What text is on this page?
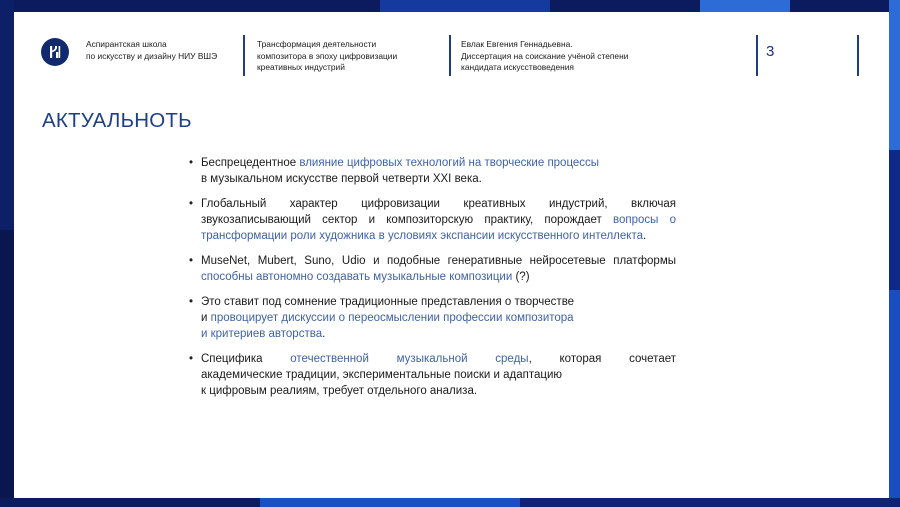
Аспирантская школа
по искусству и дизайну НИУ ВШЭ
Трансформация деятельности
композитора в эпоху цифровизации
креативных индустрий
Евлак Евгения Геннадьевна.
Диссертация на соискание учёной степени
кандидата искусствоведения
3
АКТУАЛЬНОТЬ
• Беспрецедентное влияние цифровых технологий на творческие процессы
в музыкальном искусстве первой четверти XXI века.
• Глобальный характер цифровизации креативных индустрий, включая звукозаписывающий сектор и композиторскую практику, порождает вопросы о трансформации роли художника в условиях экспансии искусственного интеллекта.
• MuseNet, Mubert, Suno, Udio и подобные генеративные нейросетевые платформы способны автономно создавать музыкальные композиции (?)
• Это ставит под сомнение традиционные представления о творчестве
и провоцирует дискуссии о переосмыслении профессии композитора
и критериев авторства.
• Специфика отечественной музыкальной среды, которая сочетает
академические традиции, экспериментальные поиски и адаптацию
к цифровым реалиям, требует отдельного анализа.
